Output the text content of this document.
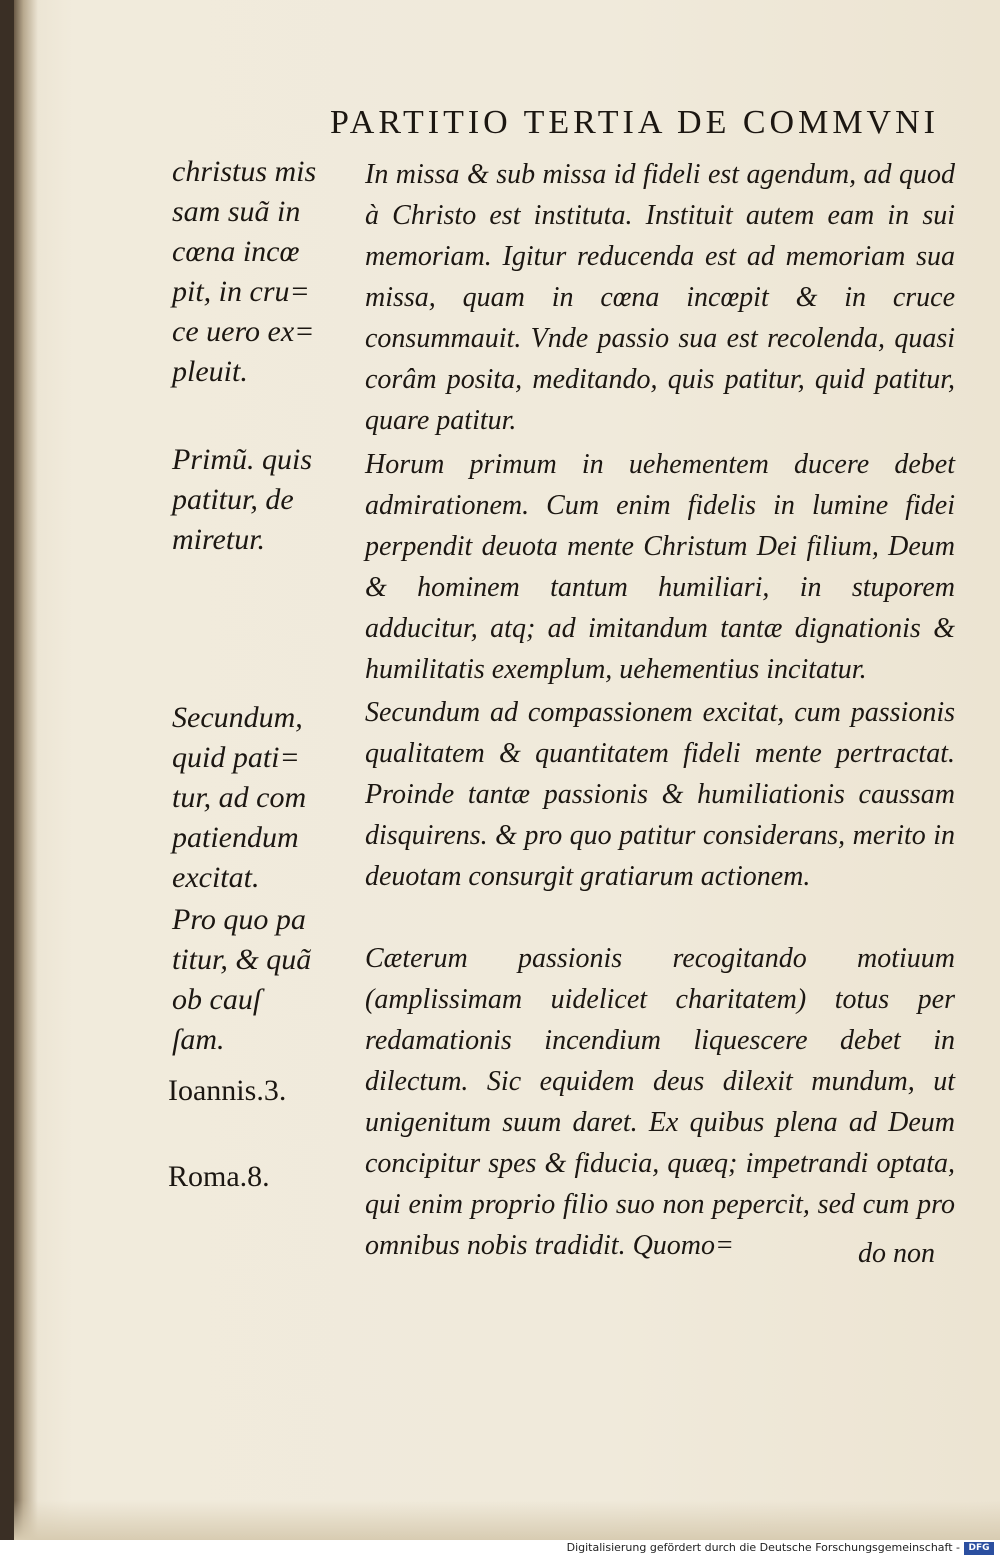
PARTITIO TERTIA DE COMMVNI
christus mis sam suã in cœna incœ pit, in cru= ce uero ex= pleuit.
In missa & sub missa id fideli est agendum, ad quod à Christo est instituta. Instituit autem eam in sui memoriam. Igitur reducenda est ad memoriam sua missa, quam in cœna incœpit & in cruce consummauit. Vnde passio sua est recolenda, quasi corâm posita, meditando, quis patitur, quid patitur, quare patitur.
Primũ. quis patitur, de miretur.
Horum primum in uehementem ducere debet admirationem. Cum enim fidelis in lumine fidei perpendit deuota mente Christum Dei filium, Deum & hominem tantum humiliari, in stuporem adducitur, atq; ad imitandum tantæ dignationis & humilitatis exemplum, uehementius incitatur.
Secundum, quid pati= tur, ad com patiendum excitat.
Secundum ad compassionem excitat, cum passionis qualitatem & quantitatem fideli mente pertractat. Proinde tantæ passionis & humiliationis caussam disquirens. & pro quo patitur considerans, merito in deuotam consurgit gratiarum actionem.
Pro quo pa titur, & quã ob cauſ ſam.
Cæterum passionis recogitando motiuum (amplissimam uidelicet charitatem) totus per redamationis incendium liquescere debet in dilectum. Sic equidem deus dilexit mundum, ut unigenitum suum daret. Ex quibus plena ad Deum concipitur spes & fiducia, quæq; impetrandi optata, qui enim proprio filio suo non pepercit, sed cum pro omnibus nobis tradidit. Quomo=
Ioannis.3.
Roma.8.
do non
Digitalisierung gefördert durch die Deutsche Forschungsgemeinschaft - DFG
